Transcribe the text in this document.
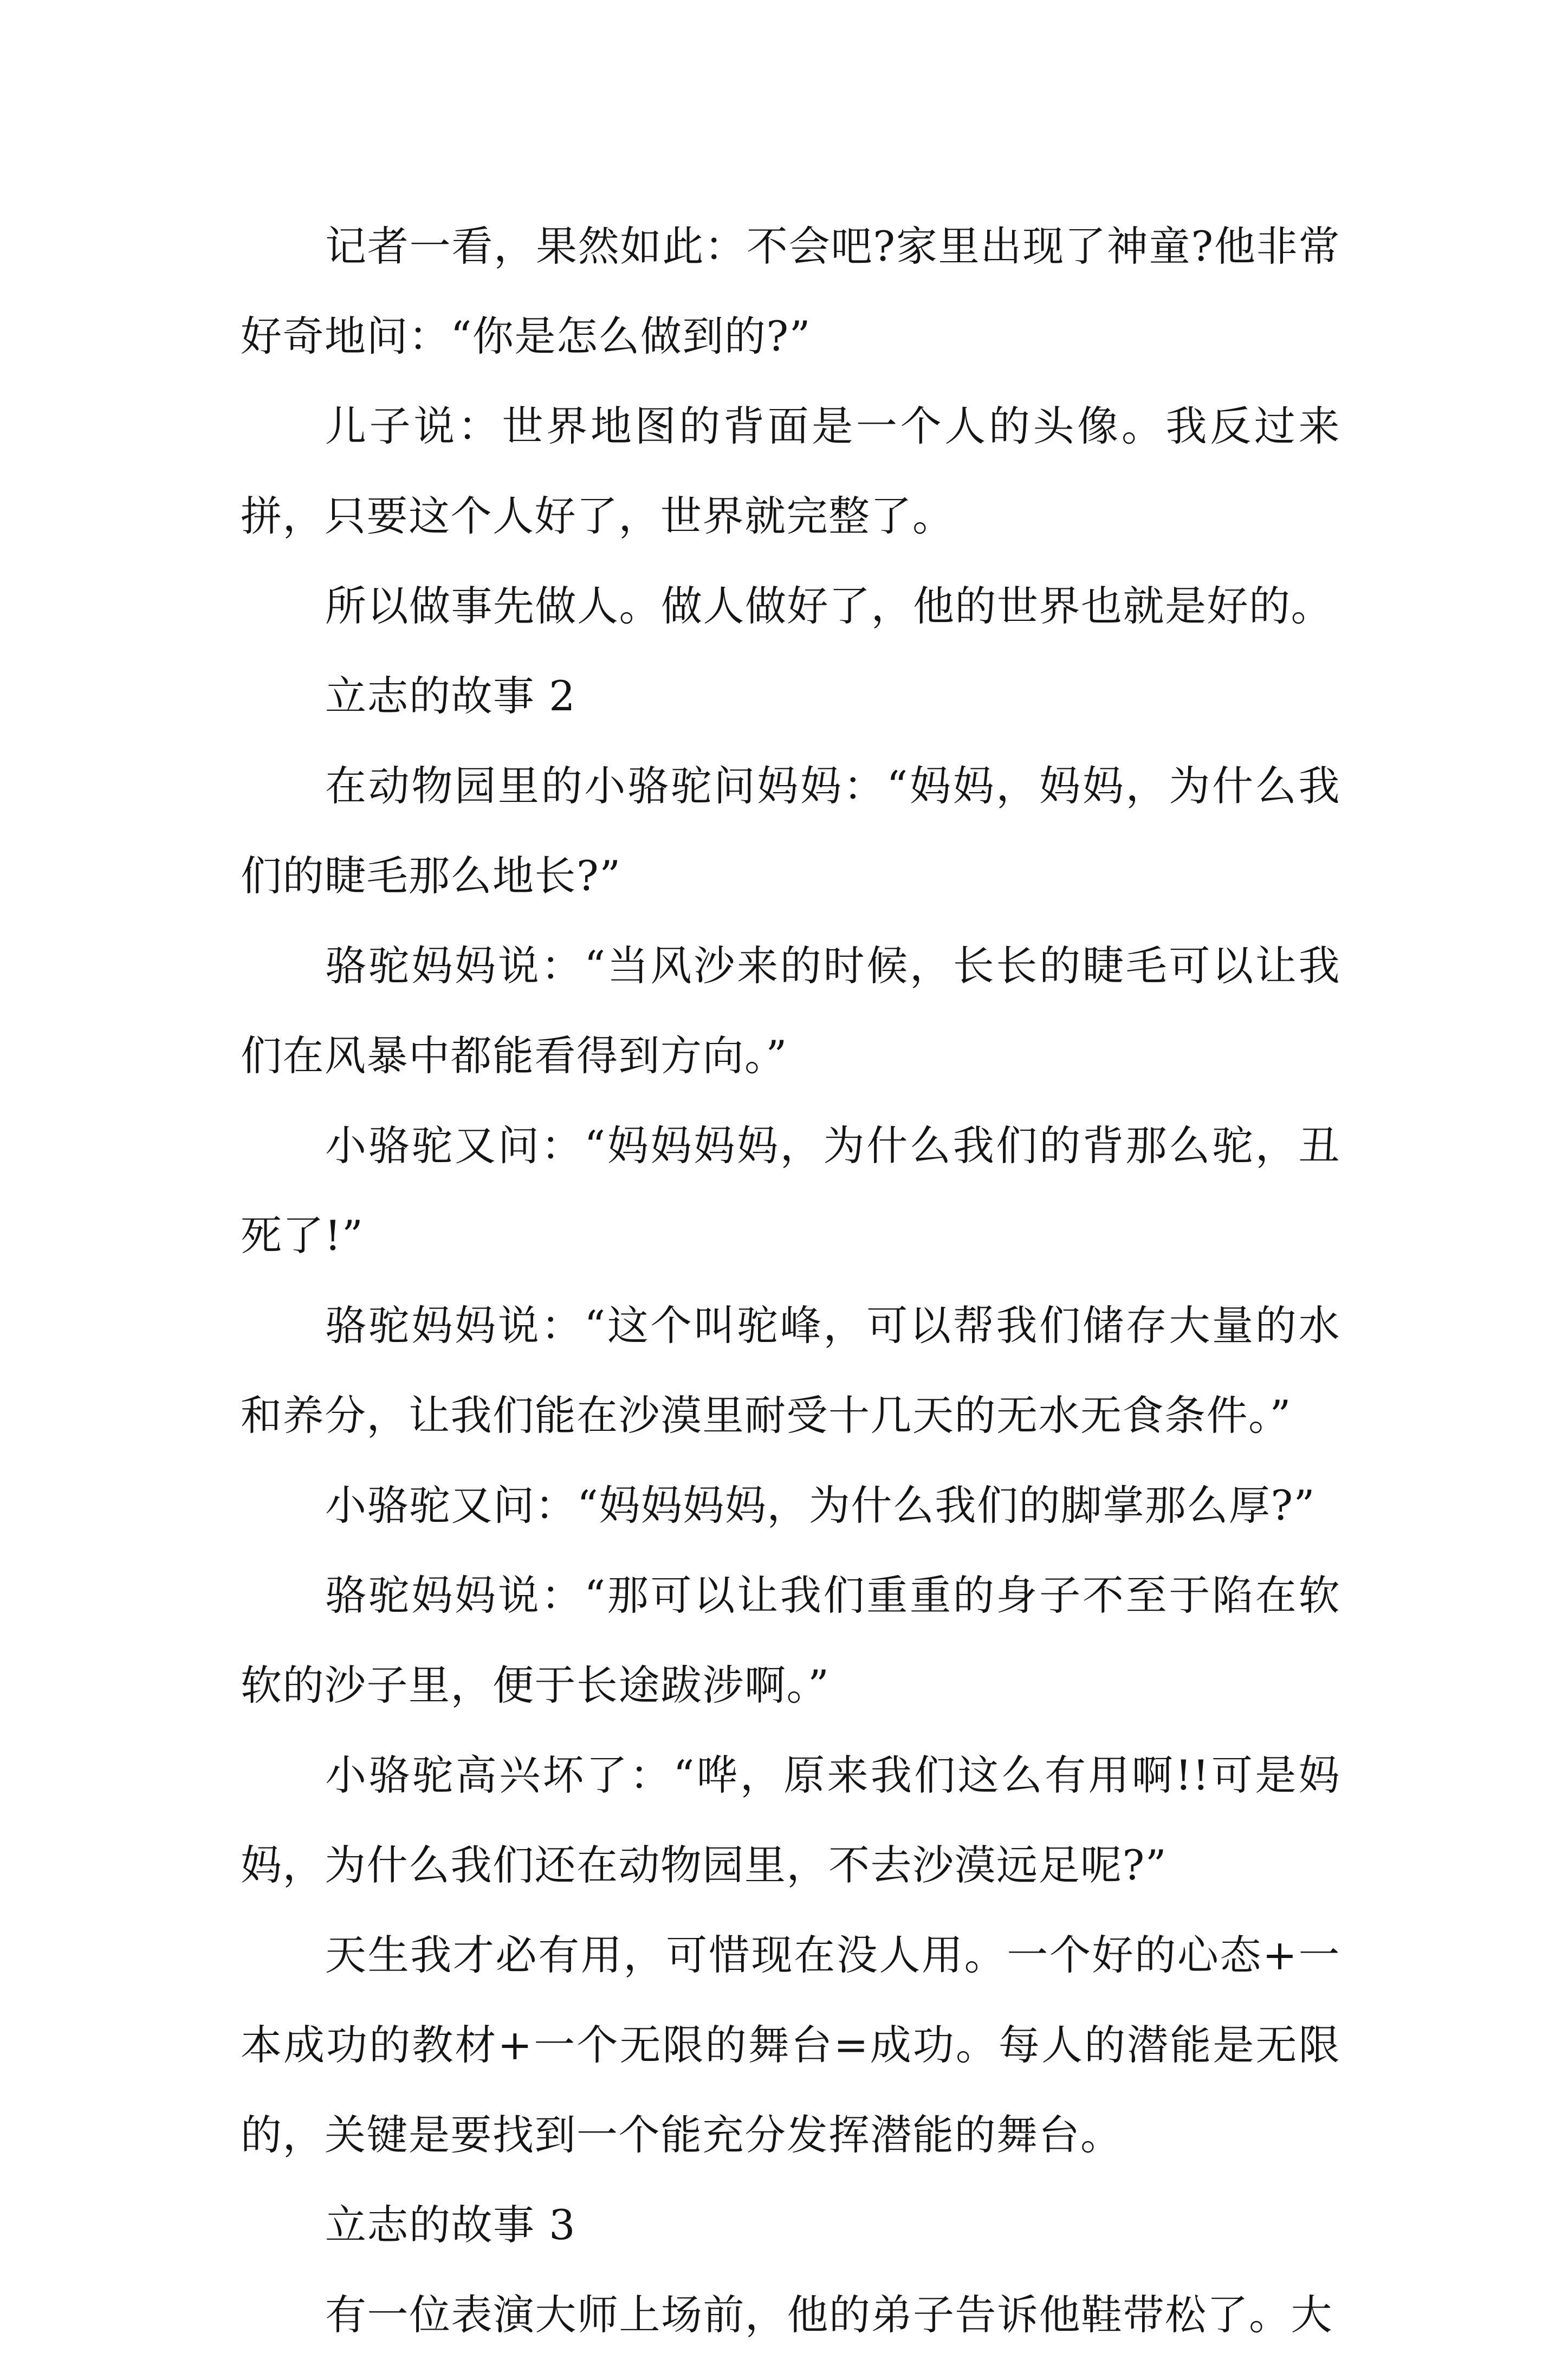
记者一看，果然如此：不会吧?家里出现了神童?他非常好奇地问：“你是怎么做到的?”

儿子说：世界地图的背面是一个人的头像。我反过来拼，只要这个人好了，世界就完整了。

所以做事先做人。做人做好了，他的世界也就是好的。

立志的故事 2

在动物园里的小骆驼问妈妈：“妈妈，妈妈，为什么我们的睫毛那么地长?”

骆驼妈妈说：“当风沙来的时候，长长的睫毛可以让我们在风暴中都能看得到方向。”

小骆驼又问：“妈妈妈妈，为什么我们的背那么驼，丑死了!”

骆驼妈妈说：“这个叫驼峰，可以帮我们储存大量的水和养分，让我们能在沙漠里耐受十几天的无水无食条件。”

小骆驼又问：“妈妈妈妈，为什么我们的脚掌那么厚?”

骆驼妈妈说：“那可以让我们重重的身子不至于陷在软软的沙子里，便于长途跋涉啊。”

小骆驼高兴坏了：“哗，原来我们这么有用啊!!可是妈妈，为什么我们还在动物园里，不去沙漠远足呢?”

天生我才必有用，可惜现在没人用。一个好的心态+一本成功的教材+一个无限的舞台=成功。每人的潜能是无限的，关键是要找到一个能充分发挥潜能的舞台。

立志的故事 3

有一位表演大师上场前，他的弟子告诉他鞋带松了。大
